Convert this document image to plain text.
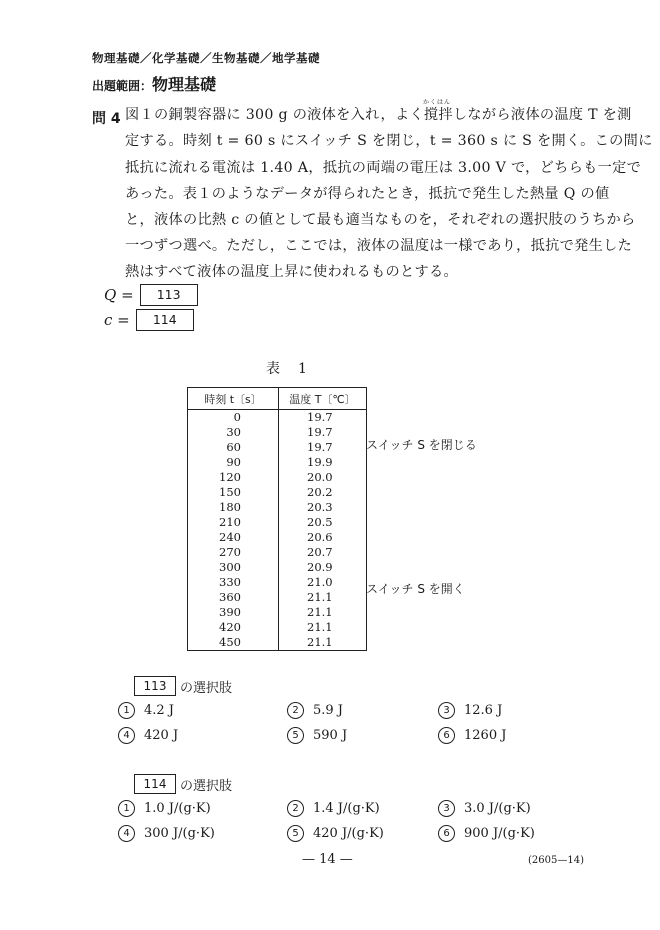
物理基礎／化学基礎／生物基礎／地学基礎
出題範囲：物理基礎
問 4 図１の銅製容器に 300 g の液体を入れ，よく撹拌しながら液体の温度 T を測
かくはん
定する。時刻 t = 60 s にスイッチ S を閉じ，t = 360 s に S を開く。この間に
抵抗に流れる電流は 1.40 A，抵抗の両端の電圧は 3.00 V で，どちらも一定で
あった。表１のようなデータが得られたとき，抵抗で発生した熱量 Q の値
と，液体の比熱 c の値として最も適当なものを，それぞれの選択肢のうちから
一つずつ選べ。ただし，ここでは，液体の温度は一様であり，抵抗で発生した
熱はすべて液体の温度上昇に使われるものとする。
Q =	113
c =	114
表　1
時刻 t〔s〕	温度 T〔℃〕
0	19.7
30	19.7
60	19.7
90	19.9
120	20.0
150	20.2
180	20.3
210	20.5
240	20.6
270	20.7
300	20.9
330	21.0
360	21.1
390	21.1
420	21.1
450	21.1
スイッチ S を閉じる
スイッチ S を開く
113	の選択肢
1	4.2 J	2	5.9 J	3	12.6 J
4	420 J	5	590 J	6	1260 J
114	の選択肢
1	1.0 J/(g·K)	2	1.4 J/(g·K)	3	3.0 J/(g·K)
4	300 J/(g·K)	5	420 J/(g·K)	6	900 J/(g·K)
— 14 —	(2605—14)
